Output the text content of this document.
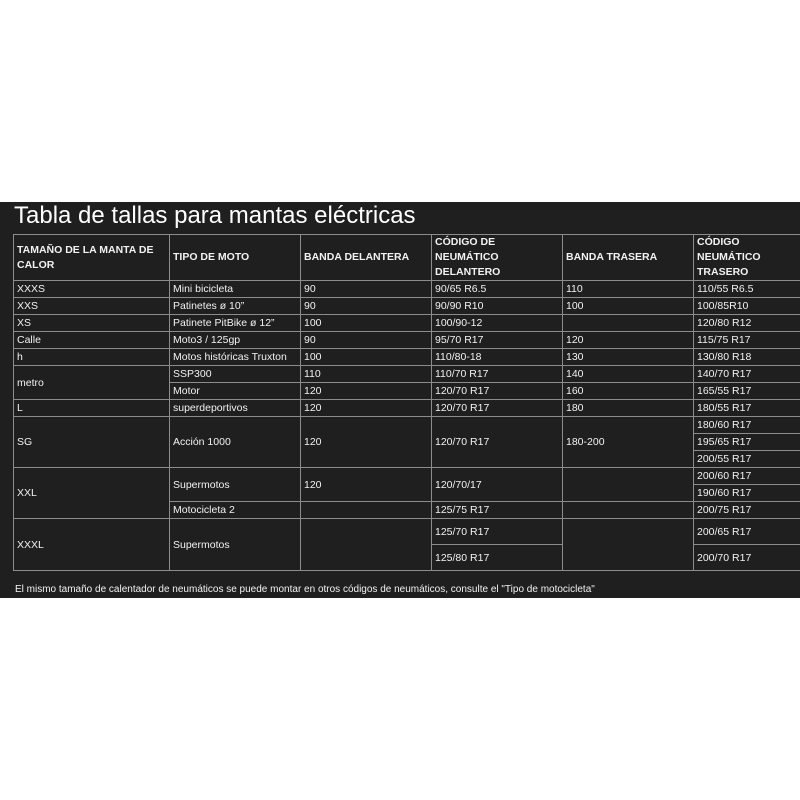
Tabla de tallas para mantas eléctricas
TAMAÑO DE LA MANTA DE CALOR	TIPO DE MOTO	BANDA DELANTERA	CÓDIGO DE NEUMÁTICO DELANTERO	BANDA TRASERA	CÓDIGO NEUMÁTICO TRASERO
XXXS	Mini bicicleta	90	90/65 R6.5	110	110/55 R6.5
XXS	Patinetes ø 10”	90	90/90 R10	100	100/85R10
XS	Patinete PitBike ø 12”	100	100/90-12		120/80 R12
Calle	Moto3 / 125gp	90	95/70 R17	120	115/75 R17
h	Motos históricas Truxton	100	110/80-18	130	130/80 R18
metro	SSP300	110	110/70 R17	140	140/70 R17
	Motor	120	120/70 R17	160	165/55 R17
L	superdeportivos	120	120/70 R17	180	180/55 R17
SG	Acción 1000	120	120/70 R17	180-200	180/60 R17
					195/65 R17
					200/55 R17
XXL	Supermotos	120	120/70/17		200/60 R17
					190/60 R17
	Motocicleta 2		125/75 R17		200/75 R17
XXXL	Supermotos		125/70 R17		200/65 R17
			125/80 R17		200/70 R17
El mismo tamaño de calentador de neumáticos se puede montar en otros códigos de neumáticos, consulte el "Tipo de motocicleta"
